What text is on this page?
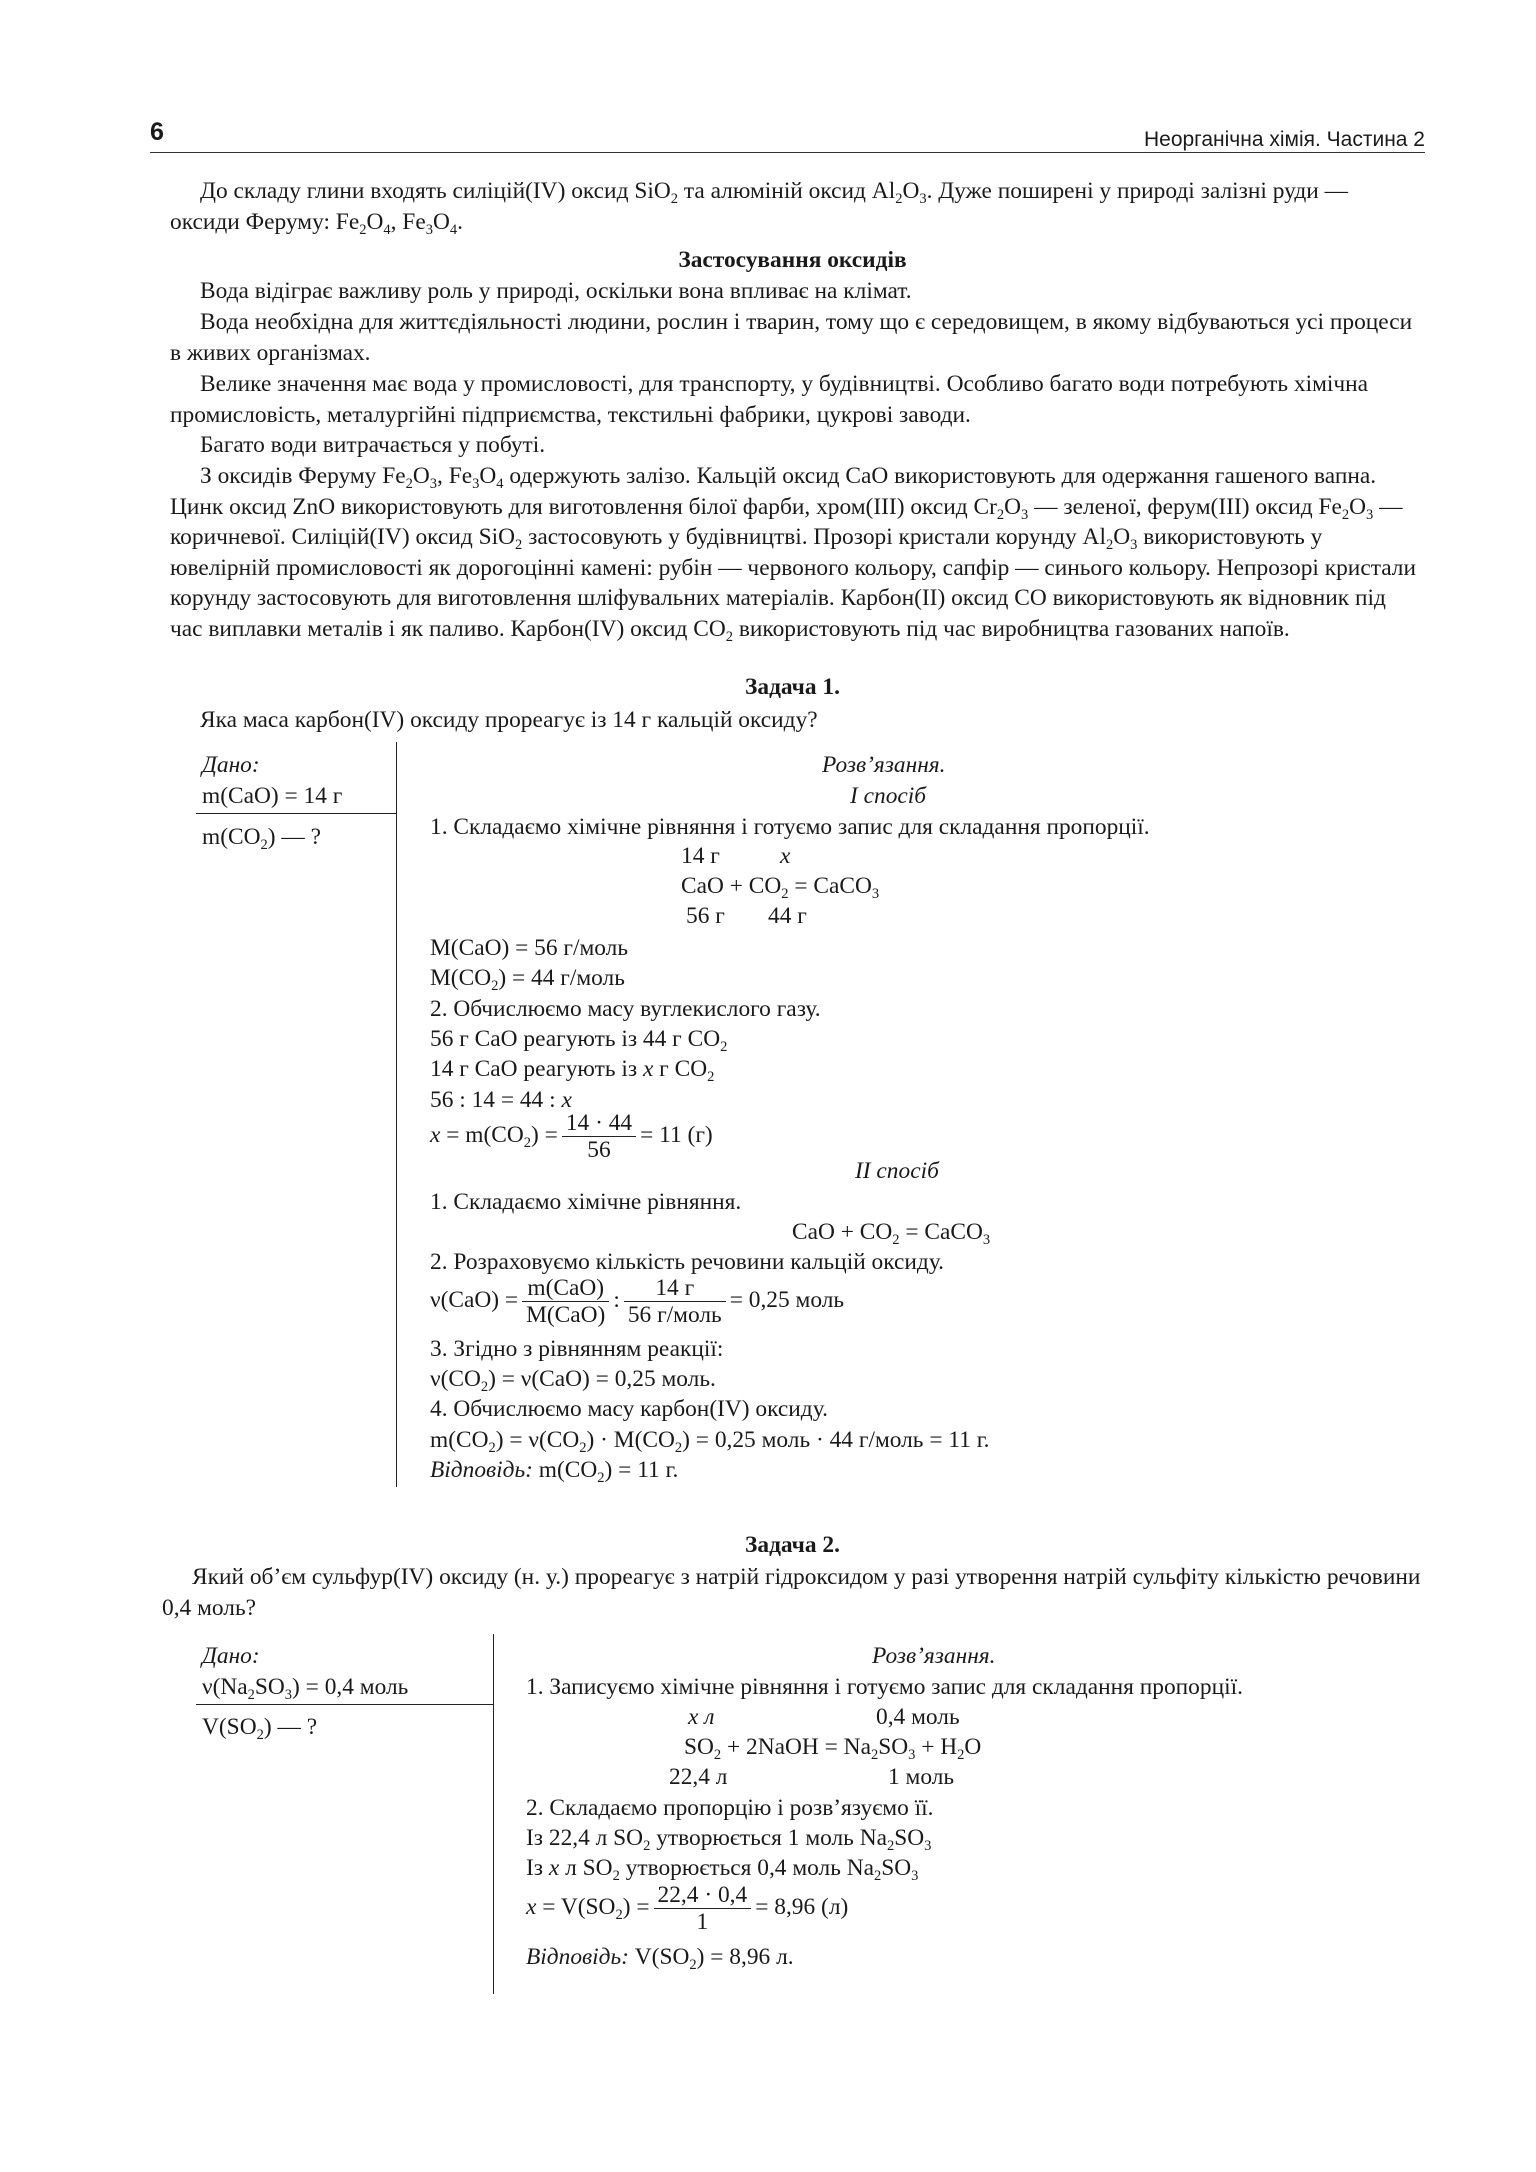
6	Неорганічна хімія. Частина 2

До складу глини входять силіцій(IV) оксид SiO$_2$ та алюміній оксид $Al_2O_3$. Дуже поширені у природі залізні руди — оксиди Феруму: $Fe_2O_4$, $Fe_3O_4$.

Застосування оксидів

Вода відіграє важливу роль у природі, оскільки вона впливає на клімат.

Вода необхідна для життєдіяльності людини, рослин і тварин, тому що є середовищем, в якому відбуваються усі процеси в живих організмах.

Велике значення має вода у промисловості, для транспорту, у будівництві. Особливо багато води потребують хімічна промисловість, металургійні підприємства, текстильні фабрики, цукрові заводи.

Багато води витрачається у побуті.

З оксидів Феруму $Fe_2O_3$, $Fe_3O_4$ одержують залізо. Кальцій оксид CaO використовують для одержання гашеного вапна. Цинк оксид ZnO використовують для виготовлення білої фарби, хром(III) оксид $Cr_2O_3$ — зеленої, ферум(III) оксид $Fe_2O_3$ — коричневої. Силіцій(IV) оксид SiO$_2$ застосовують у будівництві. Прозорі кристали корунду $Al_2O_3$ використовують у ювелірній промисловості як дорогоцінні камені: рубін — червоного кольору, сапфір — синього кольору. Непрозорі кристали корунду застосовують для виготовлення шліфувальних матеріалів. Карбон(II) оксид CO використовують як відновник під час виплавки металів і як паливо. Карбон(IV) оксид $CO_2$ використовують під час виробництва газованих напоїв.

Задача 1.

Яка маса карбон(IV) оксиду прореагує із 14 г кальцій оксиду?

Дано:

m(CaO) = 14 г

$m(CO_2)$ — ?

Розв’язання.

I спосіб

1. Складаємо хімічне рівняння і готуємо запис для складання пропорції.

14 г	x

CaO + $CO_2$ = CaCO$_3$

56 г 44 г

M(CaO) = 56 г/моль

$M(CO_2) = 44$ г/моль

2. Обчислюємо масу вуглекислого газу.

56 г CaO реагують із 44 г $CO_2$

14 г CaO реагують із x г $CO_2$

56 : 14 = 44 : x

$x = m(CO_2) = \frac{14 \cdot 44}{56} = 11$ (г)

II спосіб

1. Складаємо хімічне рівняння.

CaO + $CO_2$ = CaCO$_3$

2. Розраховуємо кількість речовини кальцій оксиду.

$\nu(CaO) = \frac{\text{m(CaO)}}{\text{M(CaO)}}$ : $\frac{14 г}{\text{56 г/моль}} = 0,25$ моль

3. Згідно з рівнянням реакції:

$\nu(CO_2) = \nu(CaO) = 0,25$ моль.

4. Обчислюємо масу карбон(IV) оксиду.

$m(CO_2) = \nu(CO_2) \cdot M(CO_2) = 0,25$ моль · 44 г/моль = 11 г.

Відповідь: $m(CO_2) = 11$ г.

Задача 2.

Який об’єм сульфур(IV) оксиду (н. у.) прореагує з натрій гідроксидом у разі утворення натрій сульфіту кількістю речовини 0,4 моль?

Дано:

$\nu(Na_2SO_3) = 0,4$ моль

$V(SO_2)$ — ?

Розв’язання.

1. Записуємо хімічне рівняння і готуємо запис для складання пропорції.

x л	0,4 моль

$SO_2$ + 2NaOH = $Na_2SO_3 + H_2O$

22,4 л	1 моль

2. Складаємо пропорцію і розв’язуємо її.

Із 22,4 л $SO_2$ утворюється 1 моль $Na_2SO_3$

Із x л $SO_2$ утворюється 0,4 моль $Na_2SO_3$

$x = V(SO_2) = \frac{22,4 \cdot 0,4}{1} = 8,96$ (л)

Відповідь: $V(SO_2) = 8,96$ л.
